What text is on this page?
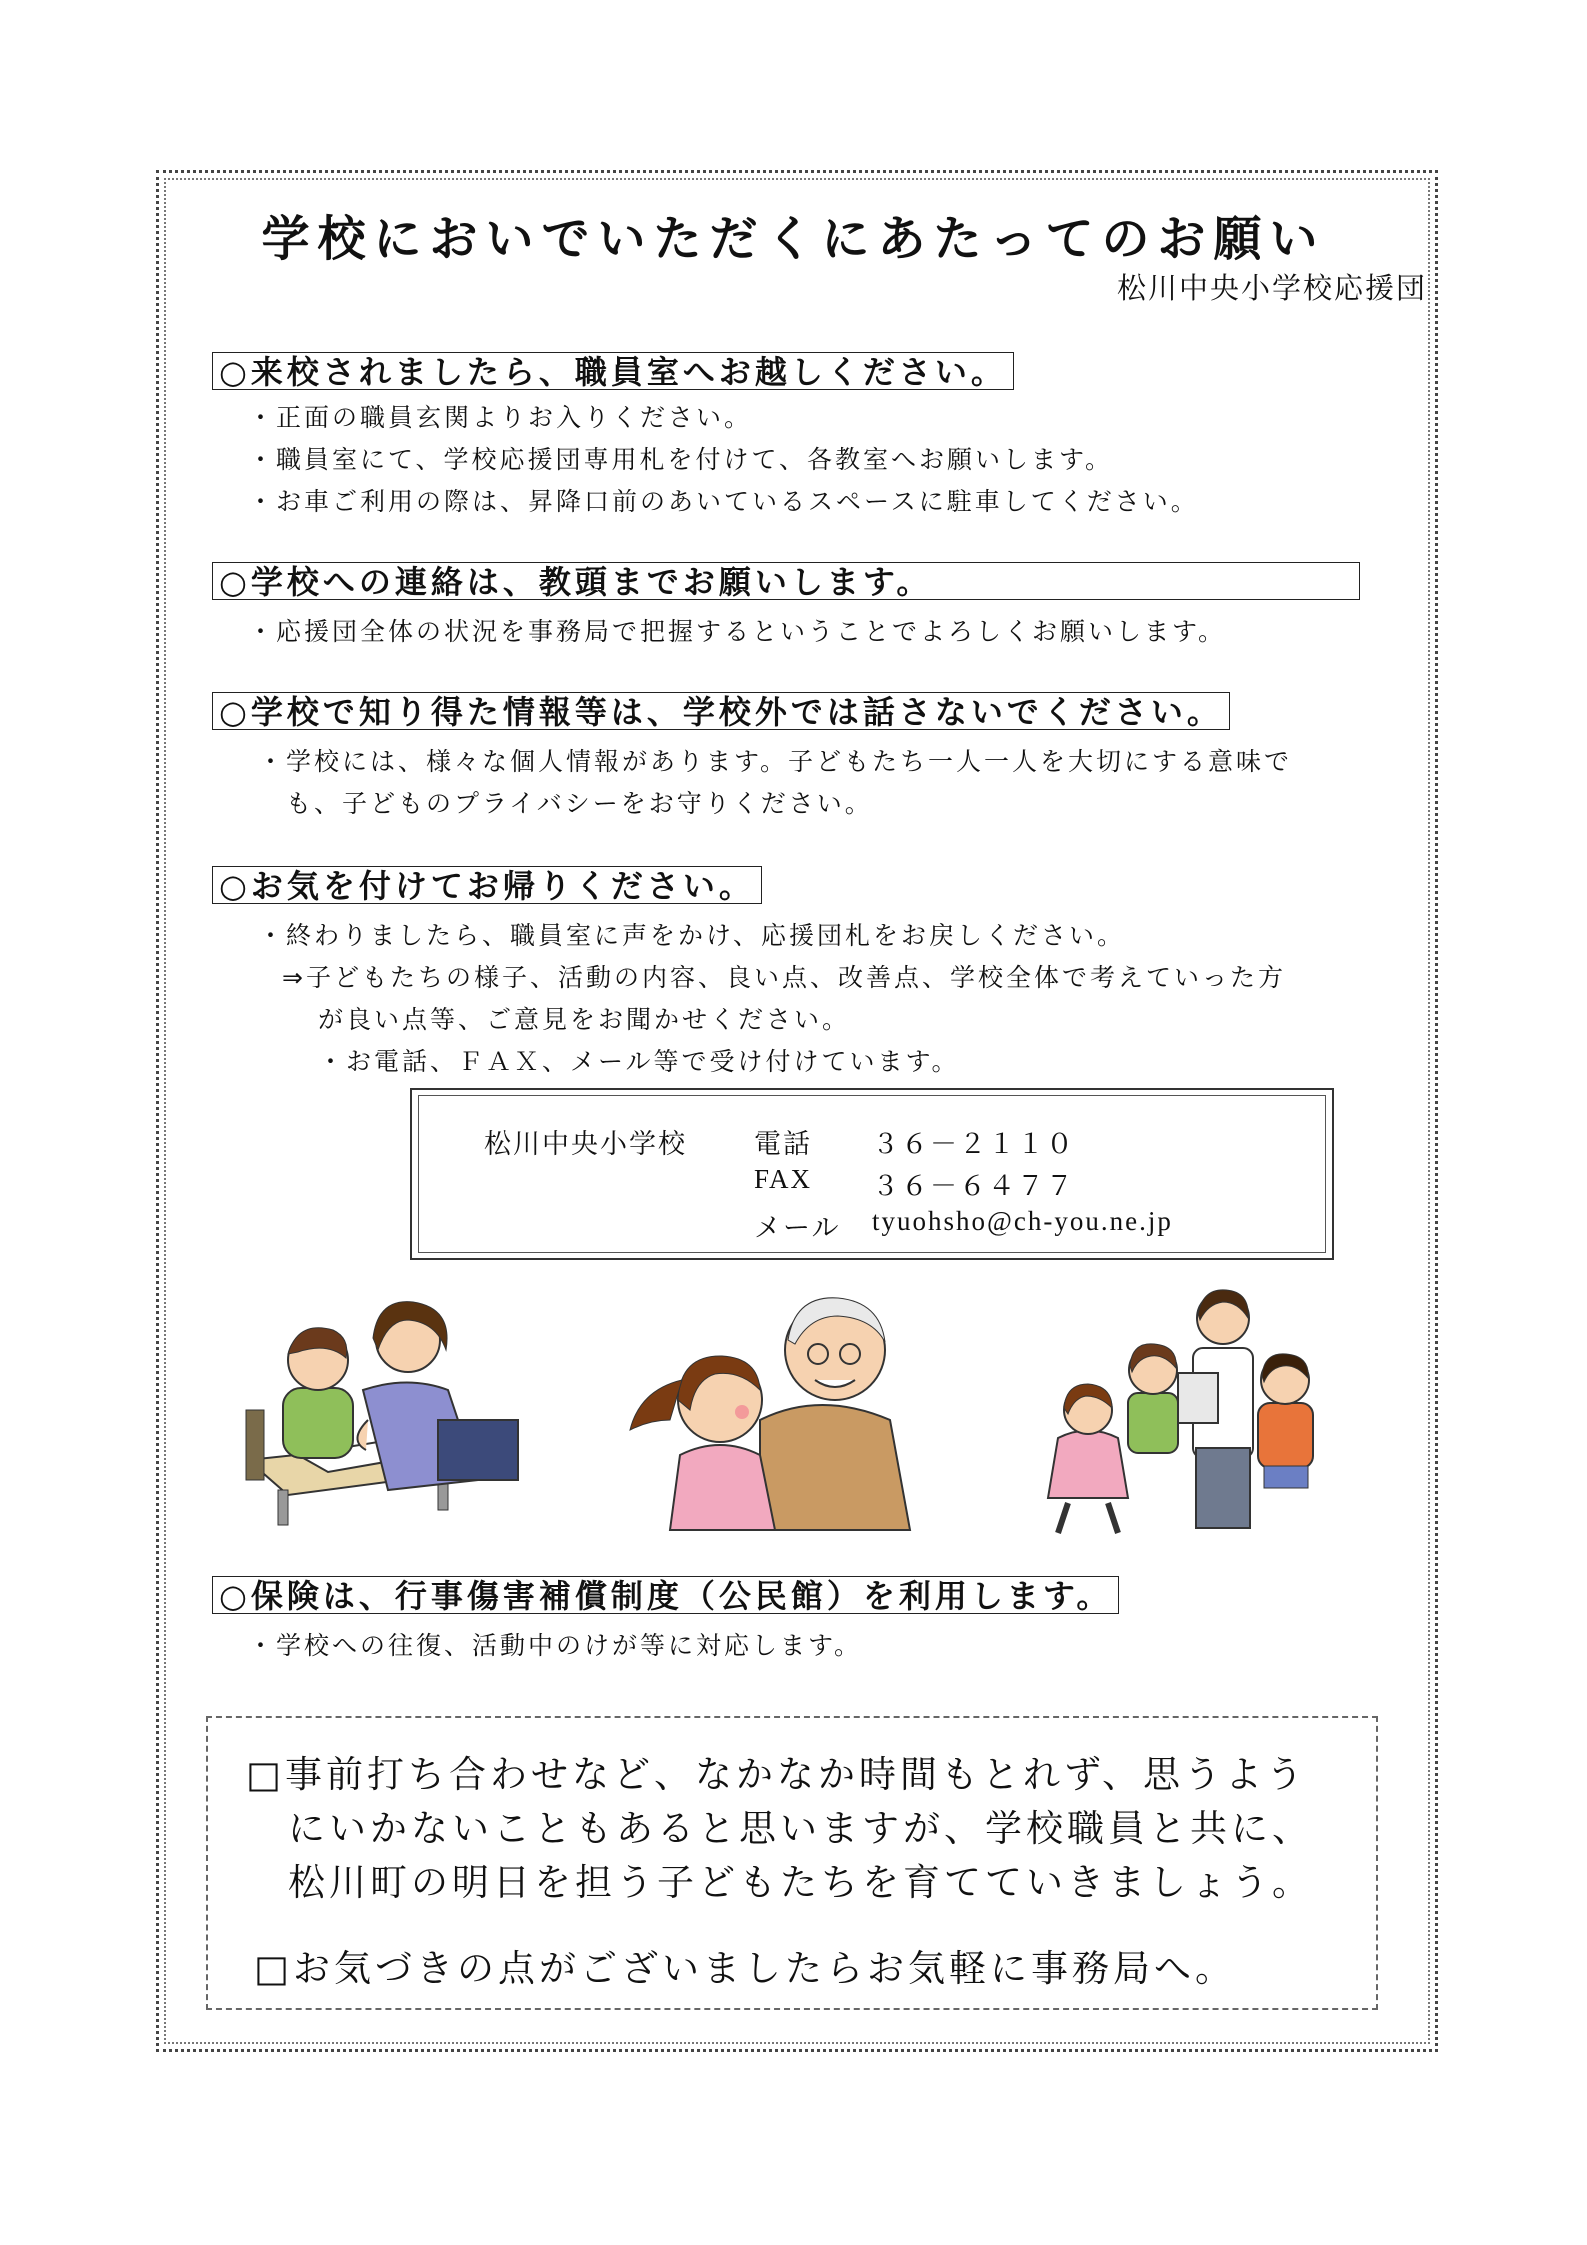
学校においでいただくにあたってのお願い
松川中央小学校応援団
○来校されましたら、職員室へお越しください。
・正面の職員玄関よりお入りください。
・職員室にて、学校応援団専用札を付けて、各教室へお願いします。
・お車ご利用の際は、昇降口前のあいているスペースに駐車してください。
○学校への連絡は、教頭までお願いします。
・応援団全体の状況を事務局で把握するということでよろしくお願いします。
○学校で知り得た情報等は、学校外では話さないでください。
・学校には、様々な個人情報があります。子どもたち一人一人を大切にする意味で
も、子どものプライバシーをお守りください。
○お気を付けてお帰りください。
・終わりましたら、職員室に声をかけ、応援団札をお戻しください。
⇒子どもたちの様子、活動の内容、良い点、改善点、学校全体で考えていった方
が良い点等、ご意見をお聞かせください。
・お電話、ＦＡＸ、メール等で受け付けています。
松川中央小学校 電話 ３６－２１１０
FAX ３６－６４７７
メール tyuohsho@ch-you.ne.jp
○保険は、行事傷害補償制度（公民館）を利用します。
・学校への往復、活動中のけが等に対応します。
□事前打ち合わせなど、なかなか時間もとれず、思うよう
にいかないこともあると思いますが、学校職員と共に、
松川町の明日を担う子どもたちを育てていきましょう。
□お気づきの点がございましたらお気軽に事務局へ。
